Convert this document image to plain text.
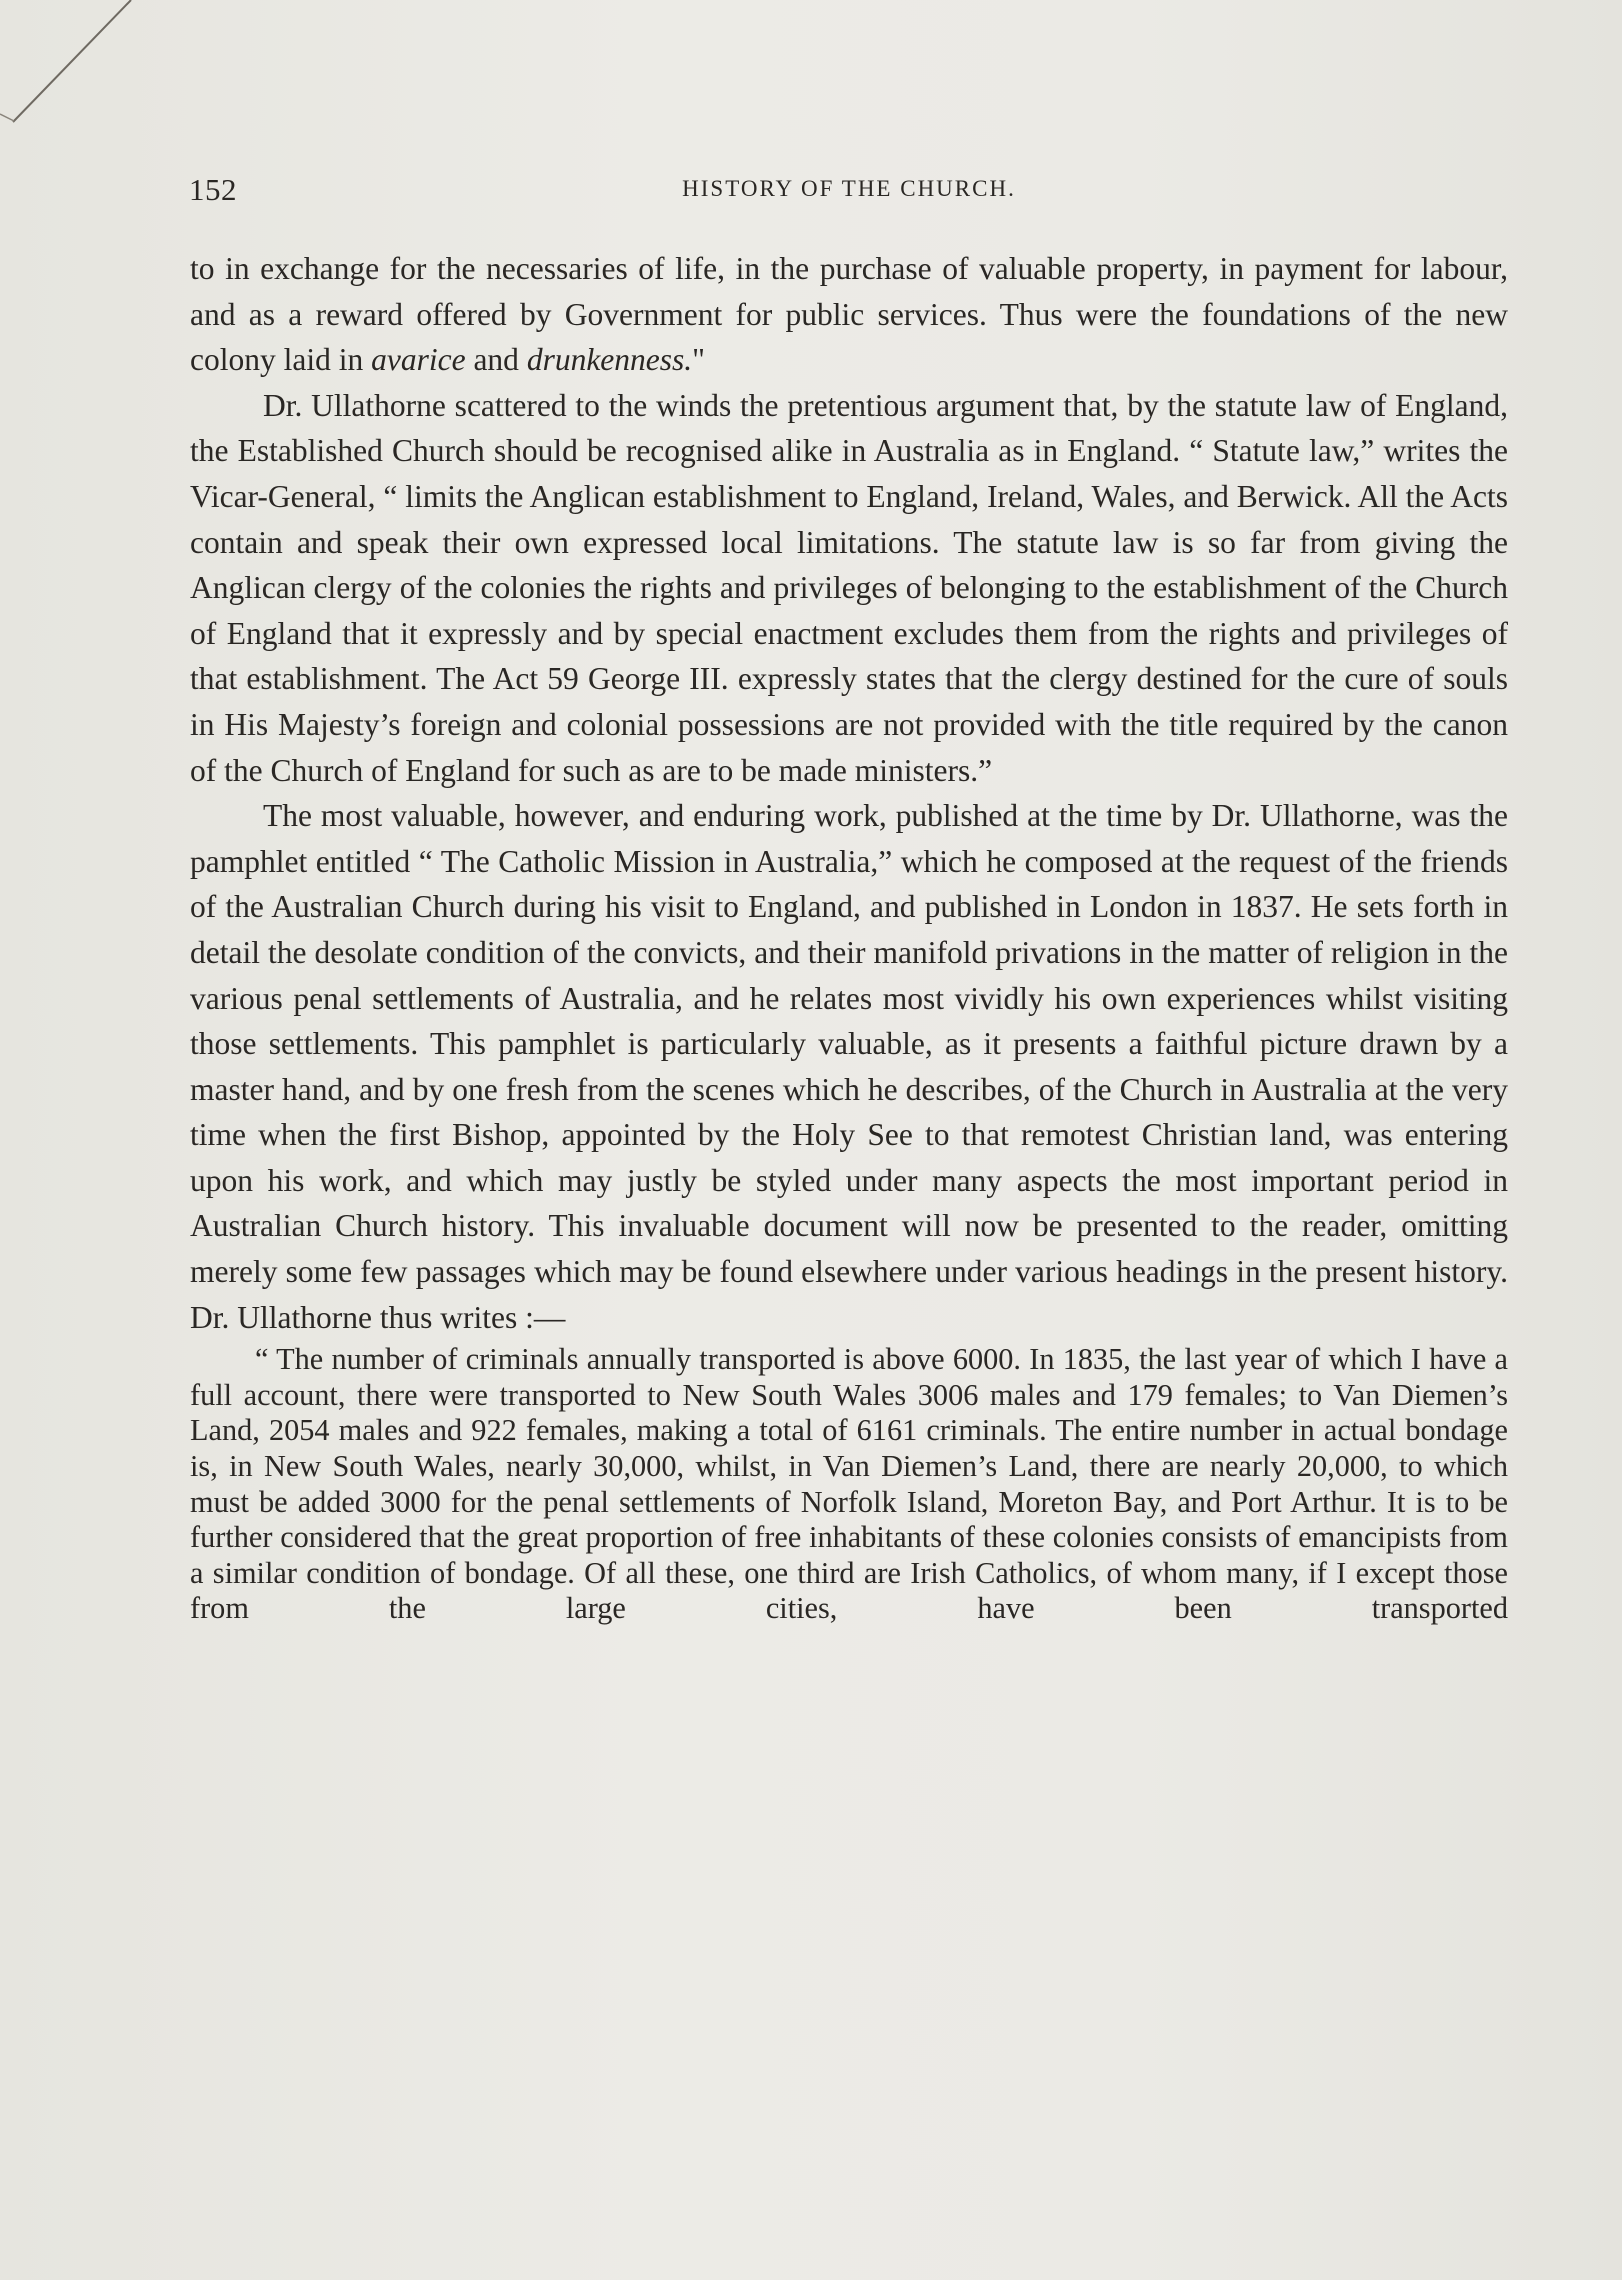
152	HISTORY OF THE CHURCH.

to in exchange for the necessaries of life, in the purchase of valuable property, in payment for labour, and as a reward offered by Government for public services. Thus were the foundations of the new colony laid in avarice and drunkenness."

Dr. Ullathorne scattered to the winds the pretentious argument that, by the statute law of England, the Established Church should be recognised alike in Australia as in England. “ Statute law,” writes the Vicar-General, “ limits the Anglican establishment to England, Ireland, Wales, and Berwick. All the Acts contain and speak their own expressed local limitations. The statute law is so far from giving the Anglican clergy of the colonies the rights and privileges of belonging to the establishment of the Church of England that it expressly and by special enactment excludes them from the rights and privileges of that establishment. The Act 59 George III. expressly states that the clergy destined for the cure of souls in His Majesty’s foreign and colonial possessions are not provided with the title required by the canon of the Church of England for such as are to be made ministers.”

The most valuable, however, and enduring work, published at the time by Dr. Ullathorne, was the pamphlet entitled “ The Catholic Mission in Australia,” which he composed at the request of the friends of the Australian Church during his visit to England, and published in London in 1837. He sets forth in detail the desolate condition of the convicts, and their manifold privations in the matter of religion in the various penal settlements of Australia, and he relates most vividly his own experiences whilst visiting those settlements. This pamphlet is particularly valuable, as it presents a faithful picture drawn by a master hand, and by one fresh from the scenes which he describes, of the Church in Australia at the very time when the first Bishop, appointed by the Holy See to that remotest Christian land, was entering upon his work, and which may justly be styled under many aspects the most important period in Australian Church history. This invaluable document will now be presented to the reader, omitting merely some few passages which may be found elsewhere under various headings in the present history. Dr. Ullathorne thus writes :—

“ The number of criminals annually transported is above 6000. In 1835, the last year of which I have a full account, there were transported to New South Wales 3006 males and 179 females; to Van Diemen’s Land, 2054 males and 922 females, making a total of 6161 criminals. The entire number in actual bondage is, in New South Wales, nearly 30,000, whilst, in Van Diemen’s Land, there are nearly 20,000, to which must be added 3000 for the penal settlements of Norfolk Island, Moreton Bay, and Port Arthur. It is to be further considered that the great proportion of free inhabitants of these colonies consists of emancipists from a similar condition of bondage. Of all these, one third are Irish Catholics, of whom many, if I except those from the large cities, have been transported
